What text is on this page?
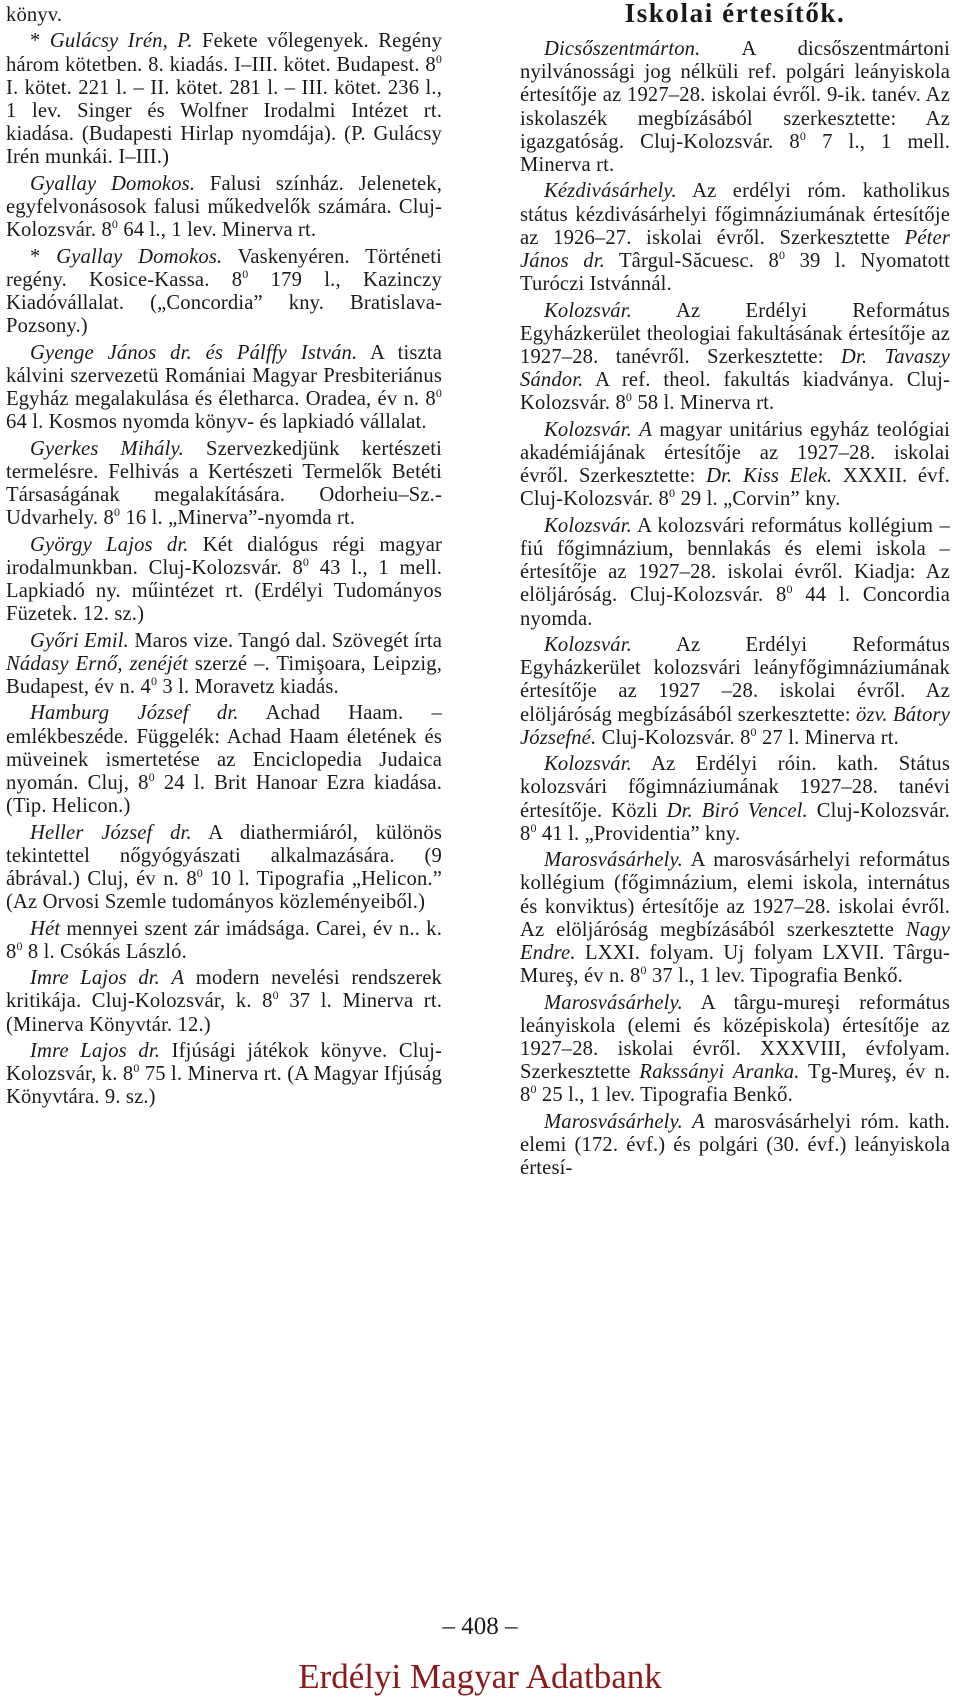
könyv.

* Gulácsy Irén, P. Fekete vőlegenyek. Regény három kötetben. 8. kiadás. I–III. kötet. Budapest. $8^0$ I. kötet. 221 l. – II. kötet. 281 l. – III. kötet. 236 l., 1 lev. Singer és Wolfner Irodalmi Intézet rt. kiadása. (Budapesti Hirlap nyomdája). (P. Gulácsy Irén munkái. I–III.)

Gyallay Domokos. Falusi színház. Jelenetek, egyfelvonásosok falusi műkedvelők számára. Cluj-Kolozsvár. $8^0$ 64 l., 1 lev. Minerva rt.

* Gyallay Domokos. Vaskenyéren. Történeti regény. Kosice-Kassa. $8^0$ 179 l., Kazinczy Kiadóvállalat. („Concordia” kny. Bratislava-Pozsony.)

Gyenge János dr. és Pálffy István. A tiszta kálvini szervezetü Romániai Magyar Presbiteriánus Egyház megalakulása és életharca. Oradea, év n. $8^0$ 64 l. Kosmos nyomda könyv- és lapkiadó vállalat.

Gyerkes Mihály. Szervezkedjünk kertészeti termelésre. Felhivás a Kertészeti Termelők Betéti Társaságának megalakítására. Odorheiu–Sz.-Udvarhely. $8^0$ 16 l. „Minerva”-nyomda rt.

György Lajos dr. Két dialógus régi magyar irodalmunkban. Cluj-Kolozsvár. $8^0$ 43 l., 1 mell. Lapkiadó ny. műintézet rt. (Erdélyi Tudományos Füzetek. 12. sz.)

Győri Emil. Maros vize. Tangó dal. Szövegét írta Nádasy Ernő, zenéjét szerzé –. Timişoara, Leipzig, Budapest, év n. $4^0$ 3 l. Moravetz kiadás.

Hamburg József dr. Achad Haam. – emlékbeszéde. Függelék: Achad Haam életének és müveinek ismertetése az Enciclopedia Judaica nyomán. Cluj, $8^0$ 24 l. Brit Hanoar Ezra kiadása. (Tip. Helicon.)

Heller József dr. A diathermiáról, különös tekintettel nőgyógyászati alkalmazására. (9 ábrával.) Cluj, év n. $8^0$ 10 l. Tipografia „Helicon.” (Az Orvosi Szemle tudományos közleményeiből.)

Hét mennyei szent zár imádsága. Carei, év n.. k. $8^0$ 8 l. Csókás László.

Imre Lajos dr. A modern nevelési rendszerek kritikája. Cluj-Kolozsvár, k. $8^0$ 37 l. Minerva rt. (Minerva Könyvtár. 12.)

Imre Lajos dr. Ifjúsági játékok könyve. Cluj-Kolozsvár, k. $8^0$ 75 l. Minerva rt. (A Magyar Ifjúság Könyvtára. 9. sz.)

Iskolai értesítők.

Dicsőszentmárton. A dicsőszentmártoni nyilvánossági jog nélküli ref. polgári leányiskola értesítője az 1927–28. iskolai évről. 9-ik. tanév. Az iskolaszék megbízásából szerkesztette: Az igazgatóság. Cluj-Kolozsvár. $8^0$ 7 l., 1 mell. Minerva rt.

Kézdivásárhely. Az erdélyi róm. katholikus státus kézdivásárhelyi főgimnáziumának értesítője az 1926–27. iskolai évről. Szerkesztette Péter János dr. Târgul-Săcuesc. $8^0$ 39 l. Nyomatott Turóczi Istvánnál.

Kolozsvár. Az Erdélyi Református Egyházkerület theologiai fakultásának értesítője az 1927–28. tanévről. Szerkesztette: Dr. Tavaszy Sándor. A ref. theol. fakultás kiadványa. Cluj-Kolozsvár. $8^0$ 58 l. Minerva rt.

Kolozsvár. A magyar unitárius egyház teológiai akadémiájának értesítője az 1927–28. iskolai évről. Szerkesztette: Dr. Kiss Elek. XXXII. évf. Cluj-Kolozsvár. $8^0$ 29 l. „Corvin” kny.

Kolozsvár. A kolozsvári református kollégium – fiú főgimnázium, bennlakás és elemi iskola – értesítője az 1927–28. iskolai évről. Kiadja: Az elöljáróság. Cluj-Kolozsvár. $8^0$ 44 l. Concordia nyomda.

Kolozsvár. Az Erdélyi Református Egyházkerület kolozsvári leányfőgimnáziumának értesítője az 1927 –28. iskolai évről. Az elöljáróság megbízásából szerkesztette: özv. Bátory Józsefné. Cluj-Kolozsvár. $8^0$ 27 l. Minerva rt.

Kolozsvár. Az Erdélyi róin. kath. Státus kolozsvári főgimnáziumának 1927–28. tanévi értesítője. Közli Dr. Biró Vencel. Cluj-Kolozsvár. $8^0$ 41 l. „Providentia” kny.

Marosvásárhely. A marosvásárhelyi református kollégium (főgimnázium, elemi iskola, internátus és konviktus) értesítője az 1927–28. iskolai évről. Az elöljáróság megbízásából szerkesztette Nagy Endre. LXXI. folyam. Uj folyam LXVII. Târgu-Mureş, év n. $8^0$ 37 l., 1 lev. Tipografia Benkő.

Marosvásárhely. A târgu-mureşi református leányiskola (elemi és középiskola) értesítője az 1927–28. iskolai évről. XXXVIII, évfolyam. Szerkesztette Rakssányi Aranka. Tg-Mureş, év n. $8^0$ 25 l., 1 lev. Tipografia Benkő.

Marosvásárhely. A marosvásárhelyi róm. kath. elemi (172. évf.) és polgári (30. évf.) leányiskola értesí-

– 408 –
Erdélyi Magyar Adatbank
